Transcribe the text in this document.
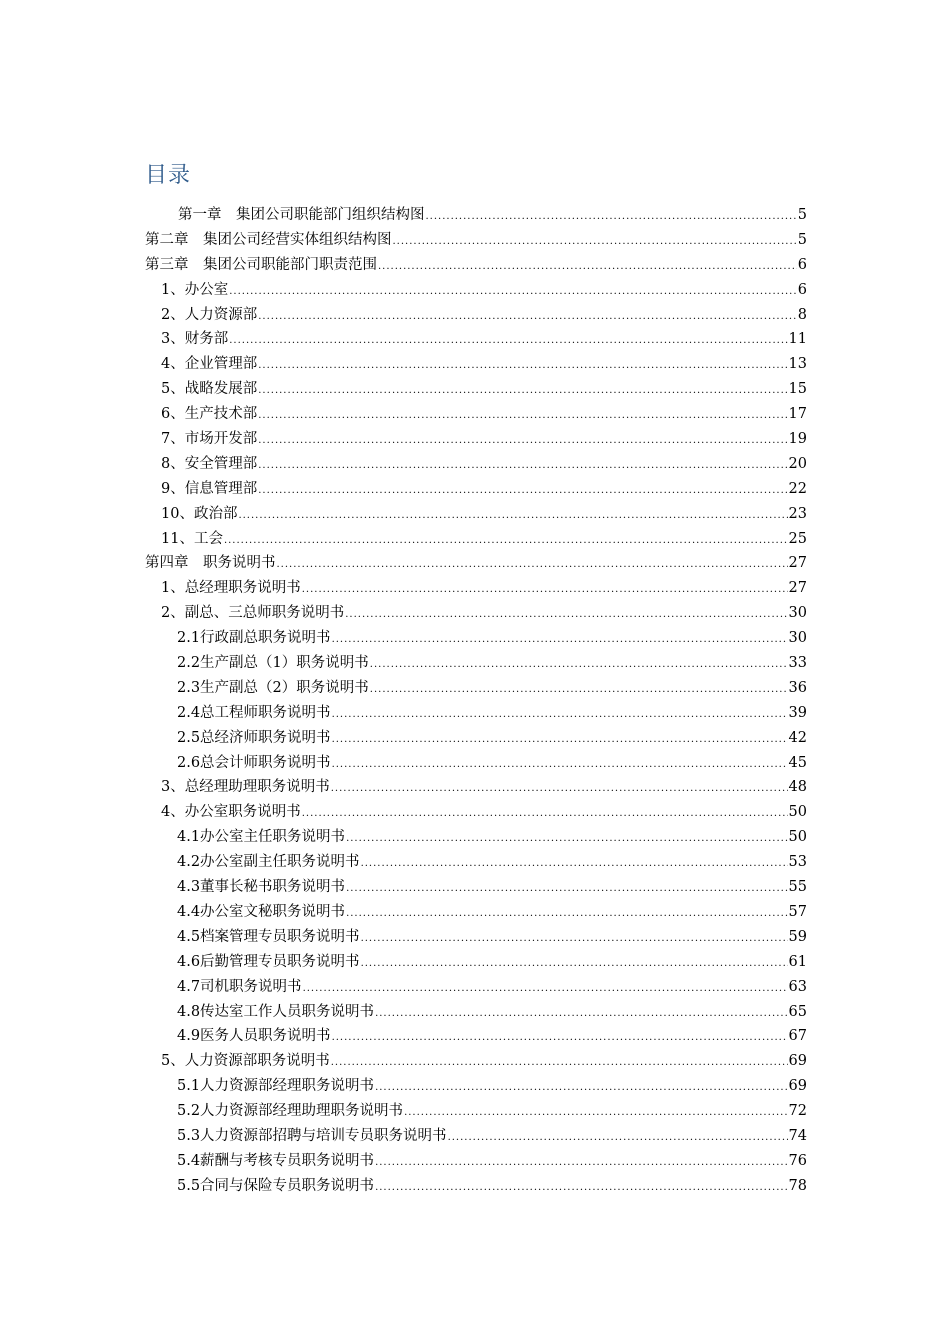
目录
第一章　集团公司职能部门组织结构图 .....	5
第二章　集团公司经营实体组织结构图 .....	5
第三章　集团公司职能部门职责范围 .....	6
1、办公室 .....	6
2、人力资源部 .....	8
3、财务部 .....	11
4、企业管理部 .....	13
5、战略发展部 .....	15
6、生产技术部 .....	17
7、市场开发部 .....	19
8、安全管理部 .....	20
9、信息管理部 .....	22
10、政治部 .....	23
11、工会 .....	25
第四章　职务说明书 .....	27
1、总经理职务说明书 .....	27
2、副总、三总师职务说明书 .....	30
2.1行政副总职务说明书 .....	30
2.2生产副总（1）职务说明书 .....	33
2.3生产副总（2）职务说明书 .....	36
2.4总工程师职务说明书 .....	39
2.5总经济师职务说明书 .....	42
2.6总会计师职务说明书 .....	45
3、总经理助理职务说明书 .....	48
4、办公室职务说明书 .....	50
4.1办公室主任职务说明书 .....	50
4.2办公室副主任职务说明书 .....	53
4.3董事长秘书职务说明书 .....	55
4.4办公室文秘职务说明书 .....	57
4.5档案管理专员职务说明书 .....	59
4.6后勤管理专员职务说明书 .....	61
4.7司机职务说明书 .....	63
4.8传达室工作人员职务说明书 .....	65
4.9医务人员职务说明书 .....	67
5、人力资源部职务说明书 .....	69
5.1人力资源部经理职务说明书 .....	69
5.2人力资源部经理助理职务说明书 .....	72
5.3人力资源部招聘与培训专员职务说明书 .....	74
5.4薪酬与考核专员职务说明书 .....	76
5.5合同与保险专员职务说明书 .....	78
